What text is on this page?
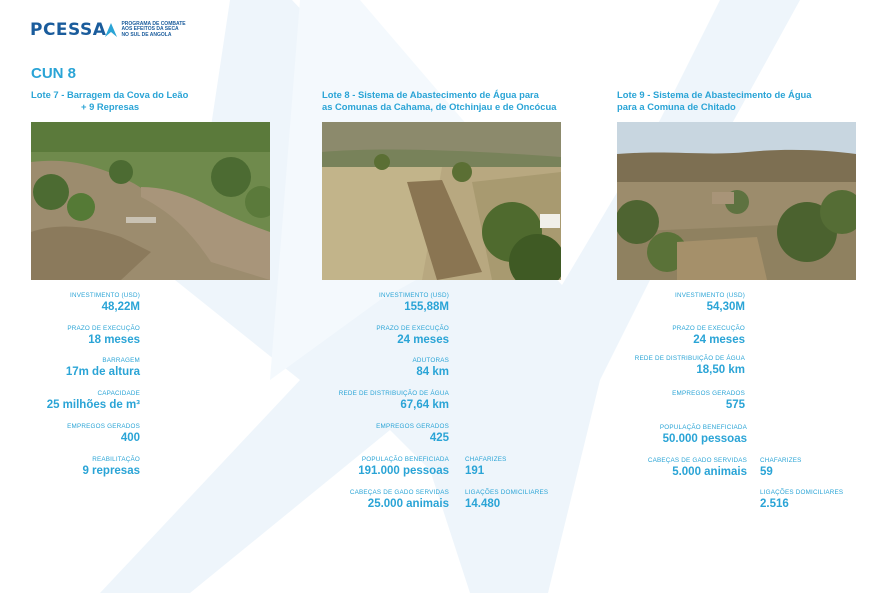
PCESSA	PROGRAMA DE COMBATE
AOS EFEITOS DA SECA
NO SUL DE ANGOLA
CUN 8
Lote 7 - Barragem da Cova do Leão
+ 9 Represas
INVESTIMENTO (USD)
48,22M
PRAZO DE EXECUÇÃO
18 meses
BARRAGEM
17m de altura
CAPACIDADE
25 milhões de m³
EMPREGOS GERADOS
400
REABILITAÇÃO
9 represas
Lote 8 - Sistema de Abastecimento de Água para
as Comunas da Cahama, de Otchinjau e de Oncócua
INVESTIMENTO (USD)
155,88M
PRAZO DE EXECUÇÃO
24 meses
ADUTORAS
84 km
REDE DE DISTRIBUIÇÃO DE ÁGUA
67,64 km
EMPREGOS GERADOS
425
POPULAÇÃO BENEFICIADA
191.000 pessoas
CABEÇAS DE GADO SERVIDAS
25.000 animais
CHAFARIZES
191
LIGAÇÕES DOMICILIARES
14.480
Lote 9 - Sistema de Abastecimento de Água
para a Comuna de Chitado
INVESTIMENTO (USD)
54,30M
PRAZO DE EXECUÇÃO
24 meses
REDE DE DISTRIBUIÇÃO DE ÁGUA
18,50 km
EMPREGOS GERADOS
575
POPULAÇÃO BENEFICIADA
50.000 pessoas
CABEÇAS DE GADO SERVIDAS
5.000 animais
CHAFARIZES
59
LIGAÇÕES DOMICILIARES
2.516
